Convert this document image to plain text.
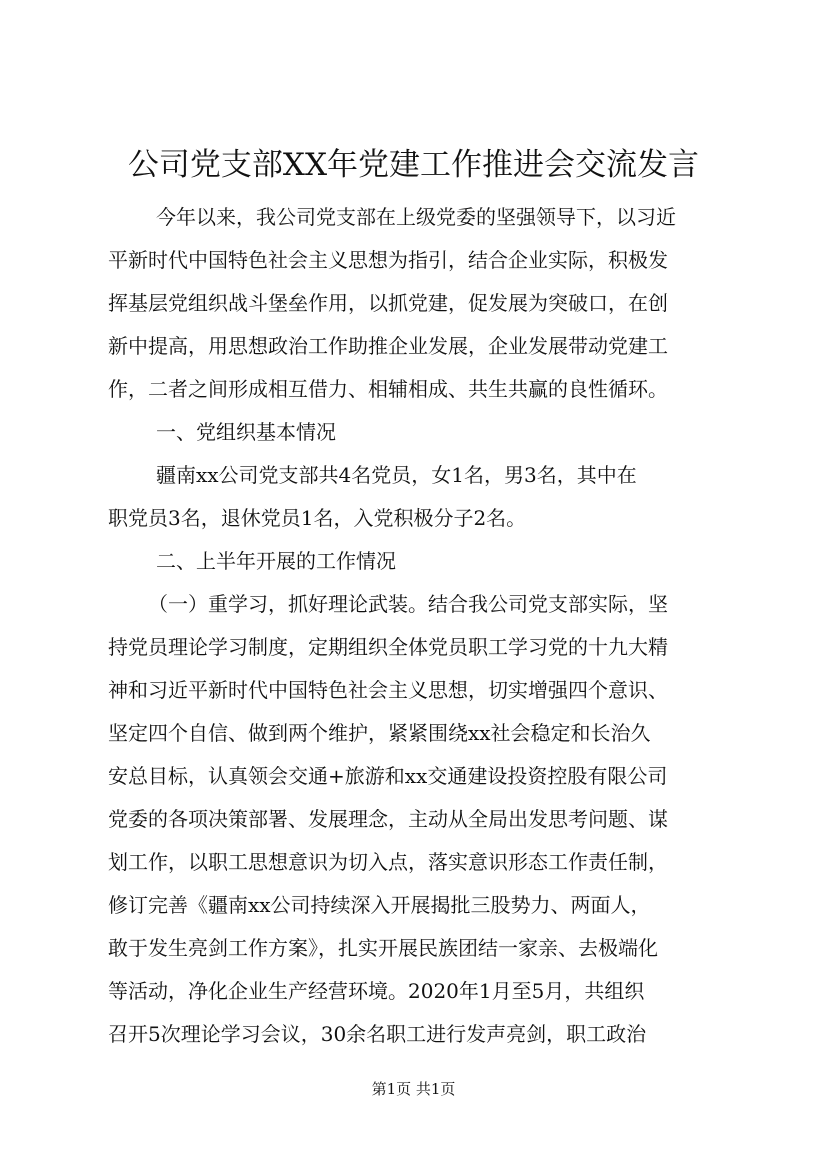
公司党支部XX年党建工作推进会交流发言
今年以来，我公司党支部在上级党委的坚强领导下，以习近
平新时代中国特色社会主义思想为指引，结合企业实际，积极发
挥基层党组织战斗堡垒作用，以抓党建，促发展为突破口，在创
新中提高，用思想政治工作助推企业发展，企业发展带动党建工
作，二者之间形成相互借力、相辅相成、共生共赢的良性循环。
一、党组织基本情况
疆南xx公司党支部共4名党员，女1名，男3名，其中在
职党员3名，退休党员1名，入党积极分子2名。
二、上半年开展的工作情况
（一）重学习，抓好理论武装。结合我公司党支部实际，坚
持党员理论学习制度，定期组织全体党员职工学习党的十九大精
神和习近平新时代中国特色社会主义思想，切实增强四个意识、
坚定四个自信、做到两个维护，紧紧围绕xx社会稳定和长治久
安总目标，认真领会交通+旅游和xx交通建设投资控股有限公司
党委的各项决策部署、发展理念，主动从全局出发思考问题、谋
划工作，以职工思想意识为切入点，落实意识形态工作责任制，
修订完善《疆南xx公司持续深入开展揭批三股势力、两面人，
敢于发生亮剑工作方案》，扎实开展民族团结一家亲、去极端化
等活动，净化企业生产经营环境。2020年1月至5月，共组织
召开5次理论学习会议，30余名职工进行发声亮剑，职工政治
第1页 共1页
